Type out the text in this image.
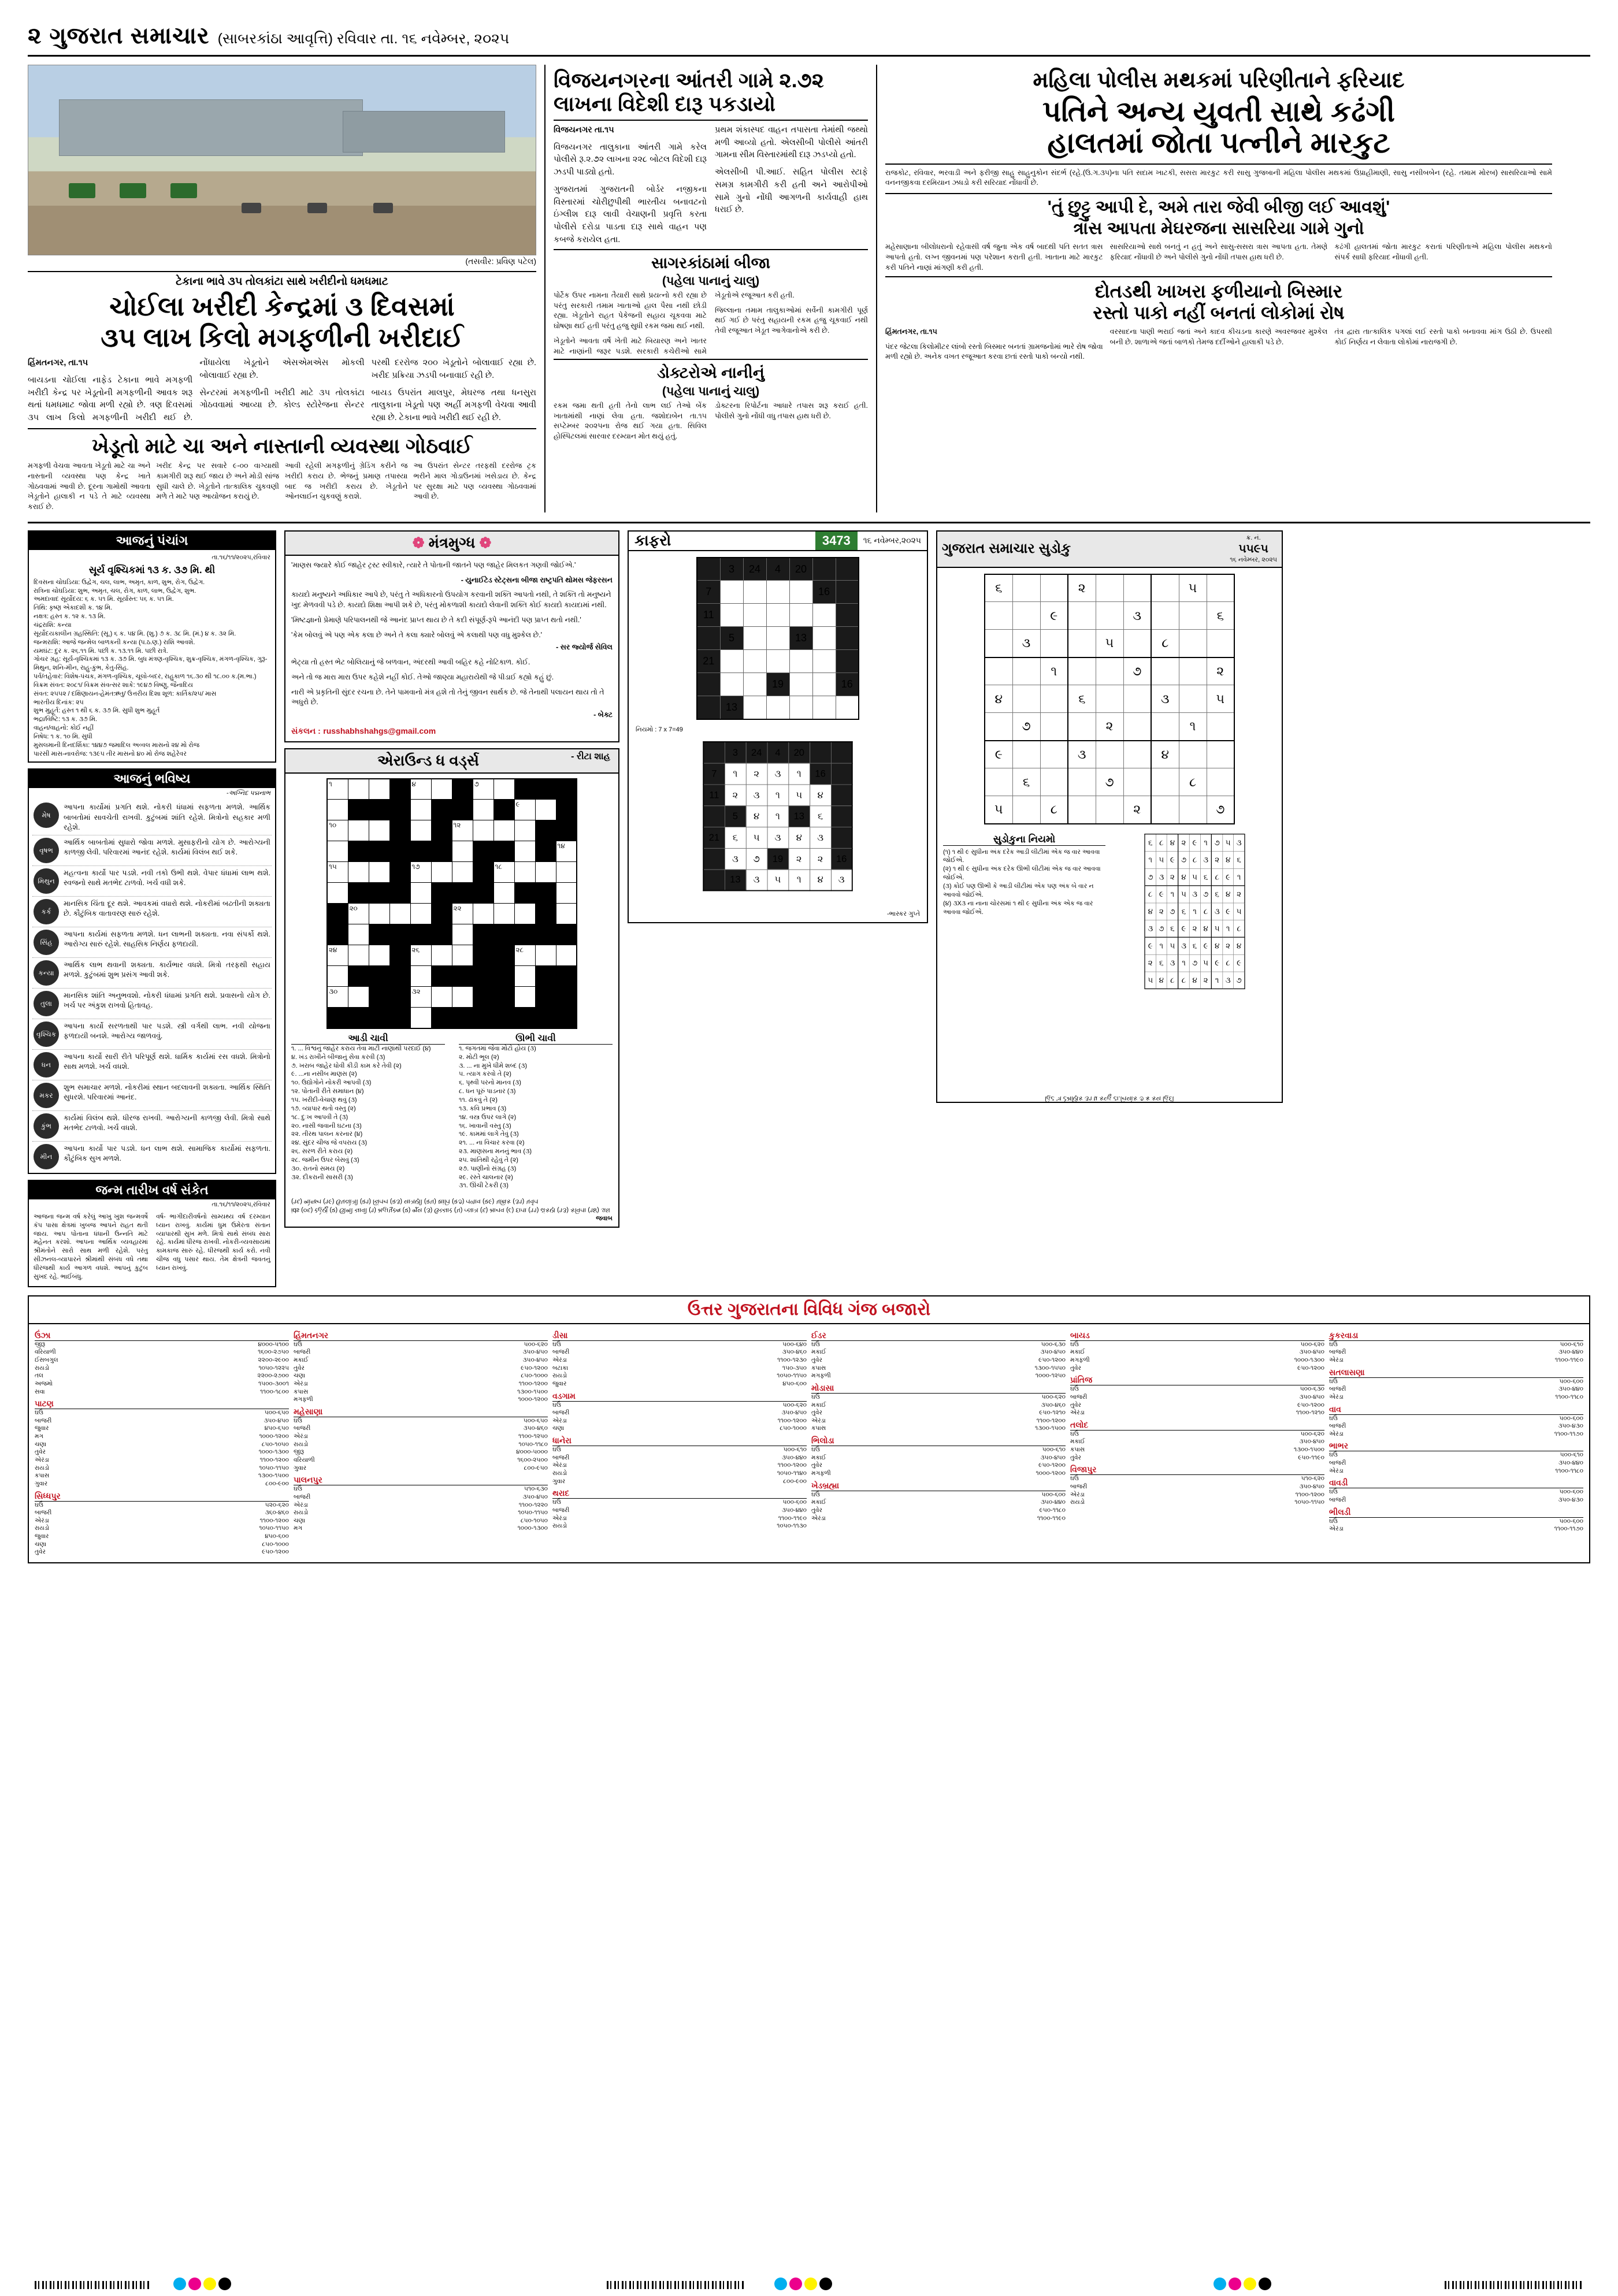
૨ ગુજરાત સમાચાર (સાબરકાંઠા આવૃત્તિ) રવિવાર તા. ૧૬ નવેમ્બર, ૨૦૨૫
(તસવીર: પ્રવિણ પટેલ)
ટેકાના ભાવે ૩૫ તોલકાંટા સાથે ખરીદીનો ધમધમાટ
ચોઈલા ખરીદી કેન્દ્રમાં ૩ દિવસમાં
૩૫ લાખ કિલો મગફળીની ખરીદાઈ
હિંમતનગર, તા.૧૫
બાયડના ચોઈલા નાફેડ ટેકાના ભાવે મગફળી ખરીદી કેન્દ્ર પર ખેડૂતોની મગફળીની આવક શરૂ થતાં ધમધમાટ જોવા મળી રહ્યો છે. ત્રણ દિવસમાં ૩૫ લાખ કિલો મગફળીની ખરીદી થઈ છે. નોંધાયેલા ખેડૂતોને એસએમએસ મોકલી બોલાવાઈ રહ્યા છે.
સેન્ટરમાં મગફળીની ખરીદી માટે ૩૫ તોલકાંટા ગોઠવવામાં આવ્યા છે. કોલ્ડ સ્ટોરેજના સેન્ટર પરથી દરરોજ ૨૦૦ ખેડૂતોને બોલાવાઈ રહ્યા છે. ખરીદ પ્રક્રિયા ઝડપી બનાવાઈ રહી છે.
બાયડ ઉપરાંત માલપુર, મેઘરજ તથા ધનસુરા તાલુકાના ખેડૂતો પણ અહીં મગફળી વેચવા આવી રહ્યા છે. ટેકાના ભાવે ખરીદી થઈ રહી છે.
ખેડૂતો માટે ચા અને નાસ્તાની વ્યવસ્થા ગોઠવાઈ
મગફળી વેચવા આવતા ખેડૂતો માટે ચા અને નાસ્તાની વ્યવસ્થા પણ કેન્દ્ર ખાતે ગોઠવવામાં આવી છે. દૂરના ગામોથી આવતા ખેડૂતોને હાલાકી ન પડે તે માટે વ્યવસ્થા કરાઈ છે.
ખરીદ કેન્દ્ર પર સવારે ૯-૦૦ વાગ્યાથી કામગીરી શરૂ થઈ જાય છે અને મોડી સાંજ સુધી ચાલે છે. ખેડૂતોને તાત્કાલિક ચુકવણી મળે તે માટે પણ આયોજન કરાયું છે.
આવી રહેલી મગફળીનું ગ્રેડિંગ કરીને જ ખરીદી કરાય છે. ભેજનું પ્રમાણ તપાસ્યા બાદ જ ખરીદી કરાય છે. ખેડૂતોને ઓનલાઈન ચુકવણું કરાશે.
આ ઉપરાંત સેન્ટર તરફથી દરરોજ ટ્રક ભરીને માલ ગોડાઉનમાં ખસેડાય છે. કેન્દ્ર પર સુરક્ષા માટે પણ વ્યવસ્થા ગોઠવવામાં આવી છે.
વિજયનગરના આંતરી ગામે ૨.૭૨ લાખના વિદેશી દારૂ પકડાયો
વિજયનગર તા.૧૫
વિજયનગર તાલુકાના આંતરી ગામે કરેલ પોલીસે રૂ.૨.૭૨ લાખના ૨૨૮ બોટલ વિદેશી દારૂ ઝડપી પાડ્યો હતો.
ગુજરાતમાં ગુજરાતની બોર્ડર નજીકના વિસ્તારમાં ચોરીછુપીથી ભારતીય બનાવટનો ઇંગ્લીશ દારૂ લાવી વેચાણની પ્રવૃત્તિ કરતા પોલીસે દરોડા પાડતા દારૂ સાથે વાહન પણ કબજે કરાયેલ હતા.
પ્રથમ શંકાસ્પદ વાહન તપાસતા તેમાંથી જથ્થો મળી આવ્યો હતો. એલસીબી પોલીસે આંતરી ગામના સીમ વિસ્તારમાંથી દારૂ ઝડપ્યો હતો.
એલસીબી પી.આઈ. સહિત પોલીસ સ્ટાફે સમગ્ર કામગીરી કરી હતી અને આરોપીઓ સામે ગુનો નોંધી આગળની કાર્યવાહી હાથ ધરાઈ છે.
સાગરકાંઠામાં બીજા
(પહેલા પાનાનું ચાલુ)
પોર્ટેક ઉપર નામના તૈયારી સાથે પ્રયત્નો કરી રહ્યા છે પરંતુ સરકારી તમામ ખાતાઓ હાલ પૈસા નથી છોડી રહ્યા. ખેડૂતોને રાહત પેકેજની સહાય ચૂકવવા માટે ઘોષણા થઈ હતી પરંતુ હજુ સુધી રકમ જમા થઈ નથી.
ખેડૂતોને આવતા વર્ષે ખેતી માટે બિયારણ અને ખાતર માટે નાણાંની જરૂર પડશે. સરકારી કચેરીઓ સામે ખેડૂતોએ રજૂઆત કરી હતી.
જિલ્લાના તમામ તાલુકાઓમાં સર્વેની કામગીરી પૂર્ણ થઈ ગઈ છે પરંતુ સહાયની રકમ હજુ ચૂકવાઈ નથી તેવી રજૂઆત ખેડૂત આગેવાનોએ કરી છે.
ડોક્ટરોએ નાનીનું
(પહેલા પાનાનું ચાલુ)
રકમ જમા થતી હતી તેનો લાભ લઈ તેઓ બેંક ખાતામાંથી નાણાં લેવા હતા. જશોદાબેન તા.૧૫ સપ્ટેમ્બર ૨૦૨૫ના રોજ થઈ ગયા હતા. સિવિલ હોસ્પિટલમાં સારવાર દરમ્યાન મોત થયું હતું.
ડોક્ટરના રિપોર્ટના આધારે તપાસ શરૂ કરાઈ હતી. પોલીસે ગુનો નોંધી વધુ તપાસ હાથ ધરી છે.
મહિલા પોલીસ મથકમાં પરિણીતાને ફરિયાદ
પતિને અન્ય યુવતી સાથે કઢંગી
હાલતમાં જોતા પત્નીને મારકુટ
રાજકોટ, રવિવાર, ભરવાડી અને ફરીજી સાહુ સાહુનુકોન સંદર્ભ (રહે.(ઉ.ગ.૩૫)ના પતિ સદામ ખાટકી, સસરા મારકુટ કરી સાસુ ગુજબાની મહિલા પોલીસ મથકમાં ઉપ્રાહીમાણી, સાસુ નસીબબેન (રહે. તમામ મોરબ) સાસરિયાઓ સામે વનનજીકવા દરમિયાન ઝધડો કરી સરિયાદ નોંધાવી છે.
'તું છુટ્ટુ આપી દે, અમે તારા જેવી બીજી લઈ આવશું'
ત્રાસ આપતા મેઘરજના સાસરિયા ગામે ગુનો
મહેસાણાના બીલોધરાનો રહેવાસી વર્ષ જુના એક વર્ષ બાદથી પતિ સતત ત્રાસ આપતો હતો. લગ્ન જીવનમાં પણ પરેશાન કરાતી હતી. ખાતાના માટે મારકુટ કરી પતિને નાણાં માંગણી કરી હતી.
સાસરિયાઓ સાથે બનતું ન હતું અને સાસુ-સસરા ત્રાસ આપતા હતા. તેમણે ફરિયાદ નોંધાવી છે અને પોલીસે ગુનો નોંધી તપાસ હાથ ધરી છે.
કઢંગી હાલતમાં જોતા મારકુટ કરાતાં પરિણીતાએ મહિલા પોલીસ મથકનો સંપર્ક સાધી ફરિયાદ નોંધાવી હતી.
દોતડથી ખાખરા ફળીયાનો બિસ્માર
રસ્તો પાકો નહીં બનતાં લોકોમાં રોષ
હિંમતનગર, તા.૧૫
પંદર જેટલા કિલોમીટર લાંબો રસ્તો બિસ્માર બનતાં ગ્રામજનોમાં ભારે રોષ જોવા મળી રહ્યો છે. અનેક વખત રજૂઆત કરવા છતાં રસ્તો પાકો બન્યો નથી.
વરસાદના પાણી ભરાઈ જતાં અને કાદવ કીચડના કારણે અવરજવર મુશ્કેલ બની છે. શાળાએ જતાં બાળકો તેમજ દર્દીઓને હાલાકી પડે છે.
તંત્ર દ્વારા તાત્કાલિક પગલાં લઈ રસ્તો પાકો બનાવવા માંગ ઉઠી છે. ઉપરથી કોઈ નિર્ણય ન લેવાતા લોકોમાં નારાજગી છે.
આજનું પંચાંગ
તા.૧૬/૧૧/૨૦૨૫,રવિવાર
સૂર્ય વૃશ્ચિકમાં ૧૩ ક. ૩૭ મિ. થી
દિવસના ચોઘડિયા: ઉદ્વેગ, ચલ, લાભ, અમૃત, કાળ, શુભ, રોગ, ઉદ્વેગ.
રાત્રિના ચોઘડિયા: શુભ, અમૃત, ચલ, રોગ, કાળ, લાભ, ઉદ્વેગ, શુભ.
અમદાવાદ સૂર્યોદય: ૬ ક. ૫૧ મિ. સૂર્યાસ્ત: ૫૬ ક. ૫૧ મિ.
તિથિ: કૃષ્ણ એકાદશી ક. ૧૪ મિ.
નક્ષત્ર: હસ્ત ક. ૧૨ ક. ૧૩ મિ.
ચંદ્રરાશિ: કન્યા
સૂર્યોદયકાલીન ગ્રહસ્થિતિ: (સૂ.) ૬ ક. ૫૪ મિ. (શુ.) ૭ ક. ૩૮ મિ. (મં.) ૪ ક. ૩૨ મિ.
જન્મરાશિ: આજે જન્મેલ બાળકની કન્યા (પ.ઠ.ણ.) રાશિ આવશે.
યમઘંટ: દુર ક. ૨૬.૧૧ મિ. પછી ક. ૧૩.૧૧ મિ. પછી રાત્રે.
ગોચર ગ્રહ: સૂર્ય-વૃશ્ચિકમાં ૧૩ ક. ૩૭ મિ. બુધ મંત્રણ-વૃશ્ચિક, શુક્ર-વૃશ્ચિક, મંગળ-વૃશ્ચિક, ગુરૂ-મિથુન, શનિ-મીન, રાહુ-કુંભ, કેતુ-સિંહ.
પર્વ/તહેવાર: વિશેષ-પંચક, મંગળ-વૃશ્ચિક, ચૂલો-બદર, રાહુકાળ ૧૬.૩૦ થી ૧૮.૦૦ ક.(મ.ભા.)
વિક્રમ સંવત: ૨૦૮૧/ વિક્રમ સંવત્સર શાકે: ૧૯૪૭ વિષ્ણુ, જૈનાદિય
સંવત: ૨૫૫૨ / દક્ષિણાયન-હેમંતઋતુ/ ઉત્તરીય દિશા શૂળ: કાર્તિક/૨૫/ માસ
ભારતીય દિનાંક: ૨૫
શુભ મુહૂર્ત: હસ્ત ૧ થી ૬ ક. ૩૭ મિ. સુધી શુભ મુહૂર્ત
ભદ્રા/વિષ્ટિ: ૧૩ ક. ૩૭ મિ.
વાહન/વાહનો: કોઈ નહીં
નિષેધ: ૧ ક. ૧૦ મિ. સુધી
મુસલમાની દિનદર્શિકા: ૧૪૪૭ જમાદિલ અવ્વલ માસનો ૨૪ મો રોજ
પારસી માસ-નાવરોજ: ૧૩૯૫ તીર માસનો ૪૦ મો રોજ શહેરેવર
આજનું ભવિષ્ય
-અગ્નિદ પદ્મનાભ
મેષ
આપના કાર્યોમાં પ્રગતિ થશે. નોકરી ધંધામાં સફળતા મળશે. આર્થિક બાબતોમાં સાવચેતી રાખવી. કુટુંબમાં શાંતિ રહેશે. મિત્રોનો સહકાર મળી રહેશે.
વૃષભ
આર્થિક બાબતોમાં સુધારો જોવા મળશે. મુસાફરીનો યોગ છે. આરોગ્યની કાળજી લેવી. પરિવારમાં આનંદ રહેશે. કાર્યમાં વિલંબ થઈ શકે.
મિથુન
મહત્વના કાર્યો પાર પડશે. નવી તકો ઉભી થશે. વેપાર ધંધામાં લાભ થશે. સ્વજનો સાથે મતભેદ ટાળવો. ખર્ચ વધી શકે.
કર્ક
માનસિક ચિંતા દૂર થશે. આવકમાં વધારો થશે. નોકરીમાં બઢતીની શક્યતા છે. કૌટુંબિક વાતાવરણ સારું રહેશે.
સિંહ
આપના કાર્યમાં સફળતા મળશે. ધન લાભની શક્યતા. નવા સંપર્કો થશે. આરોગ્ય સારું રહેશે. સાહસિક નિર્ણય ફળદાયી.
કન્યા
આર્થિક લાભ થવાની શક્યતા. કાર્યભાર વધશે. મિત્રો તરફથી સહાય મળશે. કુટુંબમાં શુભ પ્રસંગ આવી શકે.
તુલા
માનસિક શાંતિ અનુભવશો. નોકરી ધંધામાં પ્રગતિ થશે. પ્રવાસનો યોગ છે. ખર્ચ પર અંકુશ રાખવો હિતાવહ.
વૃશ્ચિક
આપના કાર્યો સરળતાથી પાર પડશે. સ્ત્રી વર્ગથી લાભ. નવી યોજના ફળદાયી બનશે. આરોગ્ય જાળવવું.
ધન
આપના કાર્યો સારી રીતે પરિપૂર્ણ થશે. ધાર્મિક કાર્યમાં રસ વધશે. મિત્રોનો સાથ મળશે. ખર્ચ વધશે.
મકર
શુભ સમાચાર મળશે. નોકરીમાં સ્થાન બદલાવની શક્યતા. આર્થિક સ્થિતિ સુધરશે. પરિવારમાં આનંદ.
કુંભ
કાર્યમાં વિલંબ થશે. ધીરજ રાખવી. આરોગ્યની કાળજી લેવી. મિત્રો સાથે મતભેદ ટાળવો. ખર્ચ વધશે.
મીન
આપના કાર્યો પાર પડશે. ધન લાભ થશે. સામાજિક કાર્યોમાં સફળતા. કૌટુંબિક સુખ મળશે.
જન્મ તારીખ વર્ષ સંકેત
તા.૧૬/૧૧/૨૦૨૫,રવિવાર
આજના જન્મ વર્ષ કરેલું આખુ ખુશ જન્મવર્ષે કૅપ પાસા ક્ષેત્રમાં ખુબજ આપને રાહત થતી જાય. આપ પોતાના ધંધાની ઉન્નતિ માટે મહેનત કરશો. આપના આર્થિક વ્યવહારમાં શ્રીમંતોને સારો સાથ મળી રહેશે. પરંતુ સીઝનલ-વ્યાપારને શ્રીમાંથી સંબંધ વધે તથા ધીરજથી કાર્ય આગળ વધશે. આપનું કુટુંબ સુખદ રહે. ભાઈબંધુ.
વર્ષ- ભાગીદારીવર્ષનો સામ્યથ્ય વર્ષ દરમ્યાન ધ્યાન રાખવું. કાર્યમાં ધુમ ઉમેરતા સંતાન વ્યાપારથી સુખ મળે. મિત્રો સાથે સંબંધ સારા રહે. કાર્યમાં ધીરજ રાખવી. નોકરી-વ્યવસાયમાં કામકાજ સારું રહે. ધીરજથી કાર્ય કરો. નવી ચીજ વધુ પસાર થાય. તેમ ક્ષેત્રની જવતનું ધ્યાન રાખવું.
❁ મંત્રમુગ્ધ ❁
'માણસ જ્યારે કોઈ જાહેર ટ્રસ્ટ સ્વીકારે, ત્યારે તે પોતાની જાતને પણ જાહેર મિલકત ગણવી જોઈએ.'
- યુનાઈટેડ સ્ટેટ્સના બીજા રાષ્ટ્રપતિ થોમસ જેફરસન
કાયદો મનુષ્યને અધિકાર આપે છે, પરંતુ તે અધિકારનો ઉપયોગ કરવાની શક્તિ આપતો નથી, તે શક્તિ તો મનુષ્યને ખુદ મેળવવી પડે છે. કાયદો શિક્ષા આપી શકે છે, પરંતુ મોકળાશી કાયદો લેવાની શક્તિ કોઈ કાયદો કાયદામાં નથી.
'મિષ્ટજ્ઞાનો પ્રેમાણે પરિપાલનથી જે આનંદ પ્રાપ્ત થાય છે તે કદી સંપૂર્ણ-રૂપે આનંદી પણ પ્રાપ્ત થતો નથી.'
'કેમ બોલવું એ પણ એક કલા છે અને તે કલા ક્યારે બોલવું એ કલાથી પણ વધુ મુશ્કેલ છે.'
- સર જ્યોર્જ સેવિલ
ભેટ્યા તો હસ્ત ભેટ બોલિયાનું જે બળવાન, અંદરથી આવી બહિર કહે નોટિકાળ. કોઈ.
અને તો જ મારા મારા ઉપર કહેશે નહીં કોઈ. તેઓ જાણ્યા મહારાયેથી જે પીડાઈ કહ્યો કહું છું.
નારી એ પ્રકૃતિની સુંદર રચના છે. તેને પામવાનો મંત્ર હશે તો તેનું જીવન સાર્થક છે. જે તેનાથી પલાયન થાય તો તે અધુરો છે.
- બેક્ટ
સંકલન : russhabhshahgs@gmail.com
એરાઉન્ડ ધ વર્ડ્સ	- રીટા શાહ
૧				૪			૭				
									૯		
૧૦						૧૨					
											૧૪
૧૫				૧૭				૧૮			

	૨૦					૨૨					

૨૪				૨૬					૨૮		

૩૦				૩૨							

આડી ચાવી
૧. ... વિશ્વનું જાહેર કરાય તેવા માટી નાણાંથી પરદાઈ (૪)
૪. ખંડ રાખીને બીજાનું સેવા કરવી (૩)
૭. ખરાબ જાહેર ધોવી કીડી કામ કરે તેવી (૨)
૯. ...ના નસીબ માણસ (૨)
૧૦. ઉદ્યોગોને નોકરી આપવી (૩)
૧૨. પોતાની રીતે સમાધાન (૪)
૧૫. ખરીદી-વેચાણ થવું (૩)
૧૭. વ્યાપાર થતો વસ્તુ (૨)
૧૮. દુઃખ આપવી તે (૩)
૨૦. નાસી જવાની ઘટના (૩)
૨૨. તીરથ પાલન કરનાર (૪)
૨૪. સુંદર ચીજ જે વપરાય (૩)
૨૬. સરળ રીતે કરાય (૨)
૨૮. જમીન ઉપર બેસવું (૩)
૩૦. રાતનો સમય (૨)
૩૨. દીકરાની સાસરી (૩)
ઊભી ચાવી
૧. જગતમાં જેવા મોટો હોય (૩)
૨. મોટી ભૂલ (૨)
૩. ... ના મુખે ધીમે શબ્દ (૩)
૫. ત્યાગ કરવો તે (૨)
૬. પૃથ્વી પરનો માનવ (૩)
૮. ધન પૂરું પાડનાર (૩)
૧૧. ઢાંકવું તે (૨)
૧૩. કવિ પ્રભાવ (૩)
૧૪. વસ્ત્ર ઉપર લાગે (૨)
૧૬. ખાવાની વસ્તુ (૩)
૧૯. કામમાં લાગે તેવું (૩)
૨૧. ... ના વિચાર કરવા (૨)
૨૩. માણસના મનનું ભાવ (૩)
૨૫. શાંતિથી રહેવું તે (૨)
૨૭. પાણીનો સંગ્રહ (૩)
૨૯. રસ્તે ચાલનાર (૨)
૩૧. ઊંચી ટેકરી (૩)
ids (૦૬) રહેણું (૨) ઊભી ચાવી (૧) મહાપુરુષ (૨) ભૂલ (૩) ઉચ્ચાર (૫) ત્યાગ (૬) માનવ (૮) દાતા (૧૧) ઢાંકણ (૧૩) કવિતા (૧૪) ડાઘ (૧૬) ભોજન (૧૯) ઉપયોગી (૨૧) ચિંતન (૨૩) લાગણી (૨૫) શાંતિ (૨૭) તળાવ (૨૯) પથિક (૩૧) પર્વત
જવાબ
કાફરો	3473	૧૬ નવેમ્બર,૨૦૨૫
	3	24	4	20		
7					16	
11						
	5			13		
21						
			19			16
	13					
નિયમો : 7 x 7=49
	3	24	4	20		
7	૧	૨	૩	૧	16	
11	૨	૩	૧	૫	૪	
	5	૪	૧	13	૬	
21	૬	૫	૩	૪	૩	
	૩	૭	19	૨	૨	16
	13	૩	૫	૧	૪	૩
-ભાસ્કર ગુપ્તે
ગુજરાત સમાચાર સુડોકુ
ક્ર. નં.
૫૫૯૫
૧૬ નવેમ્બર, ૨૦૨૫
૬			૨				૫	
		૯			૩			૬
	૩			૫		૮		
		૧			૭			૨
૪			૬			૩		૫
	૭			૨			૧	
૯			૩			૪		
	૬			૭			૮	
૫		૮			૨			૭
સુડોકુના નિયમો
(૧) ૧ થી ૯ સુધીના અંક દરેક આડી લીટીમાં એક જ વાર આવવા જોઈએ.
(૨) ૧ થી ૯ સુધીના અંક દરેક ઊભી લીટીમાં એક જ વાર આવવા જોઈએ.
(૩) કોઈ પણ ઊભી કે આડી લીટીમાં એક પણ અંક બે વાર ન આવવો જોઈએ.
(૪) ૩X૩ ના નાના ચોરસમાં ૧ થી ૯ સુધીના અંક એક જ વાર આવવા જોઈએ.
૬	૮	૪	૨	૯	૧	૭	૫	૩
૧	૫	૯	૭	૮	૩	૨	૪	૬
૭	૩	૨	૪	૫	૬	૮	૯	૧
૮	૯	૧	૫	૩	૭	૬	૪	૨
૪	૨	૭	૬	૧	૮	૩	૯	૫
૩	૭	૬	૯	૨	૪	૫	૧	૮
૯	૧	૫	૩	૬	૯	૪	૨	૪
૨	૬	૩	૧	૭	૫	૯	૮	૯
૫	૪	૮	૮	૪	૨	૧	૩	૭
હિટ 'ત્ર ટેમણિક ૩૧ ધ્ર કલ્હુ ટા.નિલોક ૭ ક્ર કલ હિંદી
ઉત્તર ગુજરાતના વિવિધ ગંજ બજારો
ઉંઝા
જીરૂ	૪૦૦૦-૫૧૦૦
વરિયાળી	૧૬૦૦-૨૭૫૦
ઈસબગુલ	૨૨૦૦-૨૯૦૦
રાયડો	૧૦૫૦-૧૨૨૫
તલ	૨૨૦૦-૨૭૦૦
અજમો	૧૫૦૦-૩૦૦૧
સવા	૧૧૦૦-૧૮૦૦
પાટણ
ઘઉં	૫૦૦-૬૫૦
બાજરી	૩૫૦-૪૫૦
જુવાર	૪૫૦-૬૫૦
મગ	૧૦૦૦-૧૨૦૦
ચણા	૮૫૦-૧૦૫૦
તુવેર	૧૦૦૦-૧૩૦૦
એરંડા	૧૧૦૦-૧૨૦૦
રાયડો	૧૦૫૦-૧૧૫૦
કપાસ	૧૩૦૦-૧૫૦૦
ગુવાર	૮૦૦-૯૦૦
સિધ્ધપુર
ઘઉં	૫૨૦-૬૨૦
બાજરી	૩૬૦-૪૬૦
એરંડા	૧૧૦૦-૧૨૦૦
રાયડો	૧૦૫૦-૧૧૫૦
જુવાર	૪૫૦-૬૦૦
ચણા	૮૫૦-૧૦૦૦
તુવેર	૯૫૦-૧૨૦૦
હિંમતનગર
ઘઉં	૫૦૦-૬૨૦
બાજરી	૩૫૦-૪૫૦
મકાઈ	૩૫૦-૪૫૦
તુવેર	૯૫૦-૧૨૦૦
ચણા	૮૫૦-૧૦૦૦
એરંડા	૧૧૦૦-૧૨૦૦
કપાસ	૧૩૦૦-૧૫૦૦
મગફળી	૧૦૦૦-૧૨૦૦
મહેસાણા
ઘઉં	૫૦૦-૬૫૦
બાજરી	૩૫૦-૪૬૦
એરંડા	૧૧૦૦-૧૨૫૦
રાયડો	૧૦૫૦-૧૧૮૦
જીરૂ	૪૦૦૦-૫૦૦૦
વરિયાળી	૧૬૦૦-૨૫૦૦
ગુવાર	૮૦૦-૯૫૦
પાલનપુર
ઘઉં	૫૧૦-૬૩૦
બાજરી	૩૫૦-૪૫૦
એરંડા	૧૧૦૦-૧૨૨૦
રાયડો	૧૦૫૦-૧૧૫૦
ચણા	૮૫૦-૧૦૫૦
મગ	૧૦૦૦-૧૩૦૦
ડીસા
ઘઉં	૫૦૦-૬૪૦
બાજરી	૩૫૦-૪૬૦
એરંડા	૧૧૦૦-૧૨૩૦
બટાકા	૧૫૦-૩૫૦
રાયડો	૧૦૫૦-૧૧૫૦
જુવાર	૪૫૦-૬૦૦
વડગામ
ઘઉં	૫૦૦-૬૨૦
બાજરી	૩૫૦-૪૫૦
એરંડા	૧૧૦૦-૧૨૦૦
ચણા	૮૫૦-૧૦૦૦
ધાનેરા
ઘઉં	૫૦૦-૬૧૦
બાજરી	૩૫૦-૪૪૦
એરંડા	૧૧૦૦-૧૨૦૦
રાયડો	૧૦૫૦-૧૧૪૦
ગુવાર	૮૦૦-૯૦૦
થરાદ
ઘઉં	૫૦૦-૬૦૦
બાજરી	૩૫૦-૪૪૦
એરંડા	૧૧૦૦-૧૧૯૦
રાયડો	૧૦૫૦-૧૧૩૦
ઈડર
ઘઉં	૫૦૦-૬૩૦
મકાઈ	૩૫૦-૪૫૦
તુવેર	૯૫૦-૧૨૦૦
કપાસ	૧૩૦૦-૧૫૫૦
મગફળી	૧૦૦૦-૧૨૫૦
મોડાસા
ઘઉં	૫૦૦-૬૨૦
મકાઈ	૩૫૦-૪૬૦
તુવેર	૯૫૦-૧૨૧૦
એરંડા	૧૧૦૦-૧૨૦૦
કપાસ	૧૩૦૦-૧૫૦૦
ભિલોડા
ઘઉં	૫૦૦-૬૧૦
મકાઈ	૩૫૦-૪૫૦
તુવેર	૯૫૦-૧૨૦૦
મગફળી	૧૦૦૦-૧૨૦૦
ખેડબ્રહ્મા
ઘઉં	૫૦૦-૬૦૦
મકાઈ	૩૫૦-૪૪૦
તુવેર	૯૫૦-૧૧૮૦
એરંડા	૧૧૦૦-૧૧૯૦
બાયડ
ઘઉં	૫૦૦-૬૨૦
મકાઈ	૩૫૦-૪૫૦
મગફળી	૧૦૦૦-૧૩૦૦
તુવેર	૯૫૦-૧૨૦૦
પ્રાંતિજ
ઘઉં	૫૦૦-૬૩૦
બાજરી	૩૫૦-૪૫૦
તુવેર	૯૫૦-૧૨૦૦
એરંડા	૧૧૦૦-૧૨૧૦
તલોદ
ઘઉં	૫૦૦-૬૨૦
મકાઈ	૩૫૦-૪૫૦
કપાસ	૧૩૦૦-૧૫૦૦
તુવેર	૯૫૦-૧૧૯૦
વિજાપુર
ઘઉં	૫૧૦-૬૨૦
બાજરી	૩૫૦-૪૫૦
એરંડા	૧૧૦૦-૧૨૦૦
રાયડો	૧૦૫૦-૧૧૫૦
કુકરવાડા
ઘઉં	૫૦૦-૬૧૦
બાજરી	૩૫૦-૪૪૦
એરંડા	૧૧૦૦-૧૧૯૦
સતલાસણા
ઘઉં	૫૦૦-૬૦૦
બાજરી	૩૫૦-૪૪૦
એરંડા	૧૧૦૦-૧૧૮૦
વાવ
ઘઉં	૫૦૦-૬૦૦
બાજરી	૩૫૦-૪૩૦
એરંડા	૧૧૦૦-૧૧૭૦
ભાભર
ઘઉં	૫૦૦-૬૧૦
બાજરી	૩૫૦-૪૪૦
એરંડા	૧૧૦૦-૧૧૮૦
વાવડી
ઘઉં	૫૦૦-૬૦૦
બાજરી	૩૫૦-૪૩૦
ભીલડી
ઘઉં	૫૦૦-૬૦૦
એરંડા	૧૧૦૦-૧૧૭૦
